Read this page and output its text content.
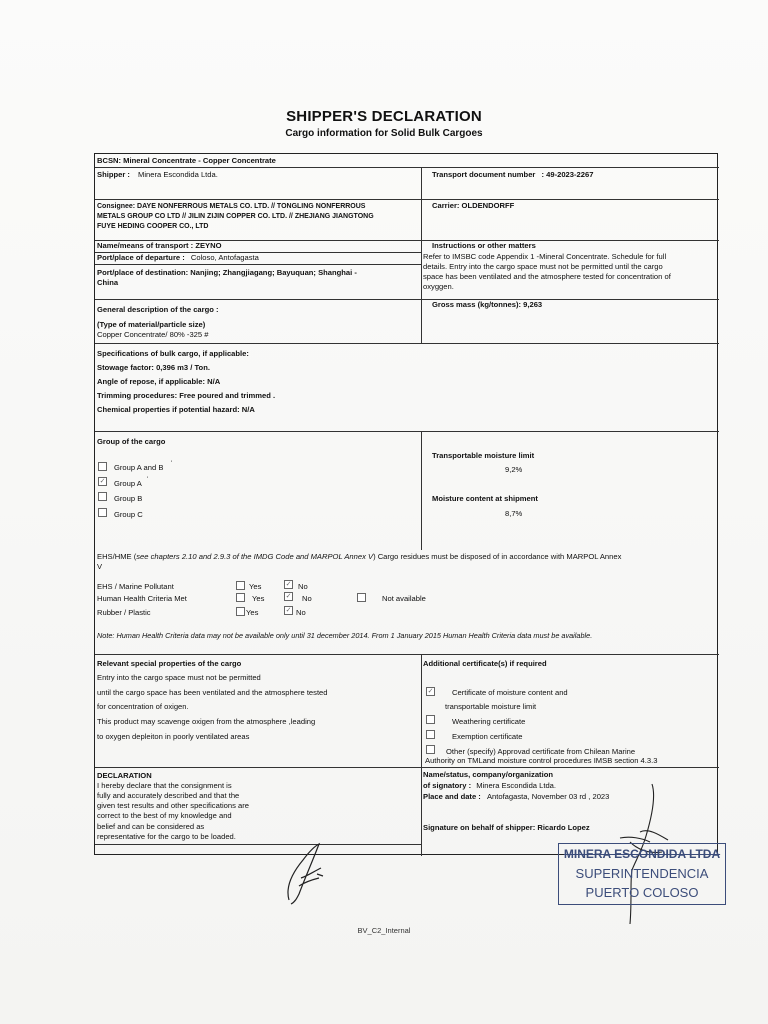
SHIPPER'S DECLARATION
Cargo information for Solid Bulk Cargoes
BCSN: Mineral Concentrate - Copper Concentrate
Shipper : Minera Escondida Ltda.	Transport document number : 49-2023-2267
Consignee: DAYE NONFERROUS METALS CO. LTD. // TONGLING NONFERROUS
METALS GROUP CO LTD // JILIN ZIJIN COPPER CO. LTD. // ZHEJIANG JIANGTONG
FUYE HEDING COOPER CO., LTD
Carrier: OLDENDORFF
Name/means of transport : ZEYNO
Port/place of departure : Coloso, Antofagasta
Port/place of destination: Nanjing; Zhangjiagang; Bayuquan; Shanghai -
China
Instructions or other matters
Refer to IMSBC code Appendix 1 -Mineral Concentrate. Schedule for full
details. Entry into the cargo space must not be permitted until the cargo
space has been ventilated and the atmosphere tested for concentration of
oxyggen.
General description of the cargo :
(Type of material/particle size)
Copper Concentrate/ 80% -325 #
Gross mass (kg/tonnes): 9,263
Specifications of bulk cargo, if applicable:
Stowage factor: 0,396 m3 / Ton.
Angle of repose, if applicable: N/A
Trimming procedures: Free poured and trimmed .
Chemical properties if potential hazard: N/A
Group of the cargo
Group A and B '
✓ Group A '
Group B
Group C
Transportable moisture limit
9,2%
Moisture content at shipment
8,7%
EHS/HME (see chapters 2.10 and 2.9.3 of the IMDG Code and MARPOL Annex V) Cargo residues must be disposed of in accordance with MARPOL Annex
V
EHS / Marine Pollutant	Yes	✓ No
Human Health Criteria Met	Yes	✓ No	Not available
Rubber / Plastic	Yes	✓ No
Note: Human Health Criteria data may not be available only until 31 december 2014. From 1 January 2015 Human Health Criteria data must be available.
Relevant special properties of the cargo
Entry into the cargo space must not be permitted
until the cargo space has been ventilated and the atmosphere tested
for concentration of oxigen.
This product may scavenge oxigen from the atmosphere ,leading
to oxygen depleiton in poorly ventilated areas
Additional certificate(s) if required
✓ Certificate of moisture content and
transportable moisture limit
Weathering certificate
Exemption certificate
Other (specify) Approvad certificate from Chilean Marine
Authority on TMLand moisture control procedures IMSB section 4.3.3
DECLARATION
I hereby declare that the consignment is
fully and accurately described and that the
given test results and other specifications are
correct to the best of my knowledge and
belief and can be considered as
representative for the cargo to be loaded.
Name/status, company/organization
of signatory : Minera Escondida Ltda.
Place and date : Antofagasta, November 03 rd , 2023
Signature on behalf of shipper: Ricardo Lopez
MINERA ESCONDIDA LTDA
SUPERINTENDENCIA
PUERTO COLOSO
BV_C2_Internal
